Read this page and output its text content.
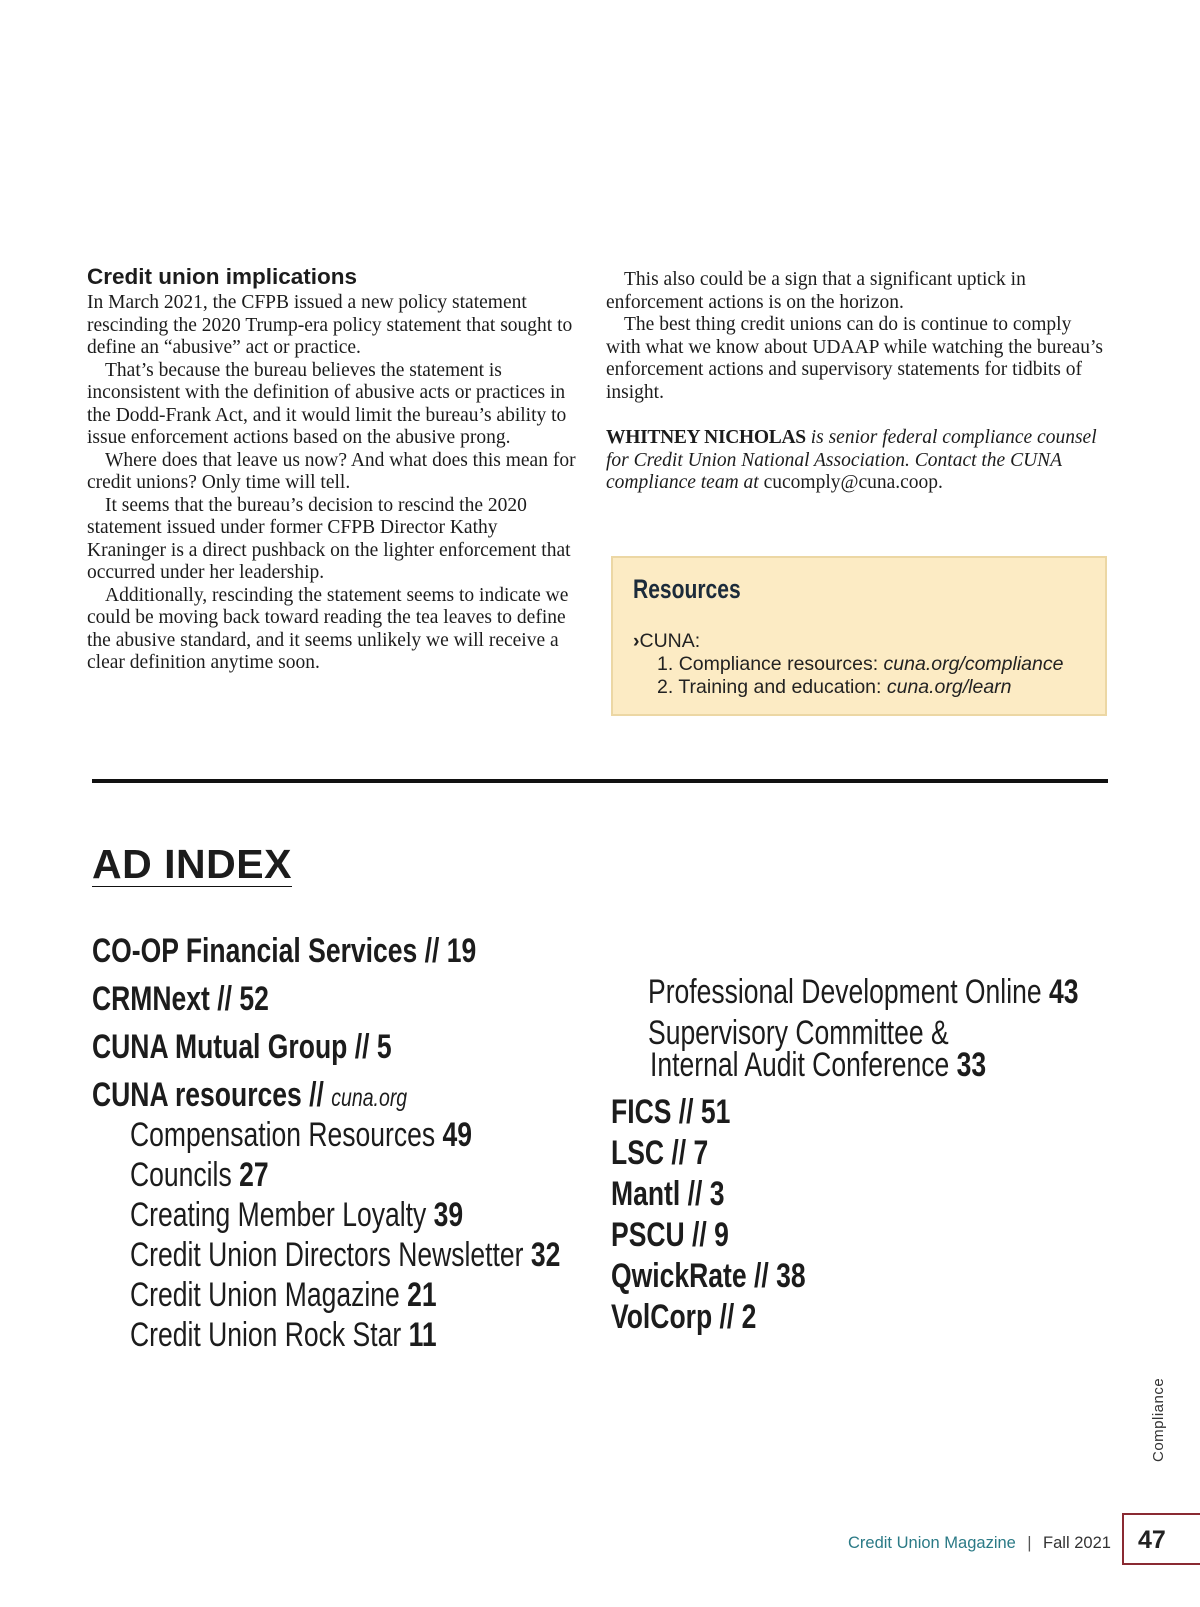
Credit union implications

In March 2021, the CFPB issued a new policy statement rescinding the 2020 Trump-era policy statement that sought to define an “abusive” act or practice.

That’s because the bureau believes the statement is inconsistent with the definition of abusive acts or practices in the Dodd-Frank Act, and it would limit the bureau’s ability to issue enforcement actions based on the abusive prong.

Where does that leave us now? And what does this mean for credit unions? Only time will tell.

It seems that the bureau’s decision to rescind the 2020 statement issued under former CFPB Director Kathy Kraninger is a direct pushback on the lighter enforcement that occurred under her leadership.

Additionally, rescinding the statement seems to indicate we could be moving back toward reading the tea leaves to define the abusive standard, and it seems unlikely we will receive a clear definition anytime soon.

This also could be a sign that a significant uptick in enforcement actions is on the horizon.

The best thing credit unions can do is continue to comply with what we know about UDAAP while watching the bureau’s enforcement actions and supervisory statements for tidbits of insight.

WHITNEY NICHOLAS is senior federal compliance counsel for Credit Union National Association. Contact the CUNA compliance team at cucomply@cuna.coop.
Resources
›CUNA:
1. Compliance resources: cuna.org/compliance
2. Training and education: cuna.org/learn
AD INDEX
CO-OP Financial Services // 19
CRMNext // 52
CUNA Mutual Group // 5
CUNA resources // cuna.org
Compensation Resources 49
Councils 27
Creating Member Loyalty 39
Credit Union Directors Newsletter 32
Credit Union Magazine 21
Credit Union Rock Star 11
Professional Development Online 43
Supervisory Committee &
Internal Audit Conference 33
FICS // 51
LSC // 7
Mantl // 3
PSCU // 9
QwickRate // 38
VolCorp // 2
Compliance
Credit Union Magazine | Fall 2021 47
